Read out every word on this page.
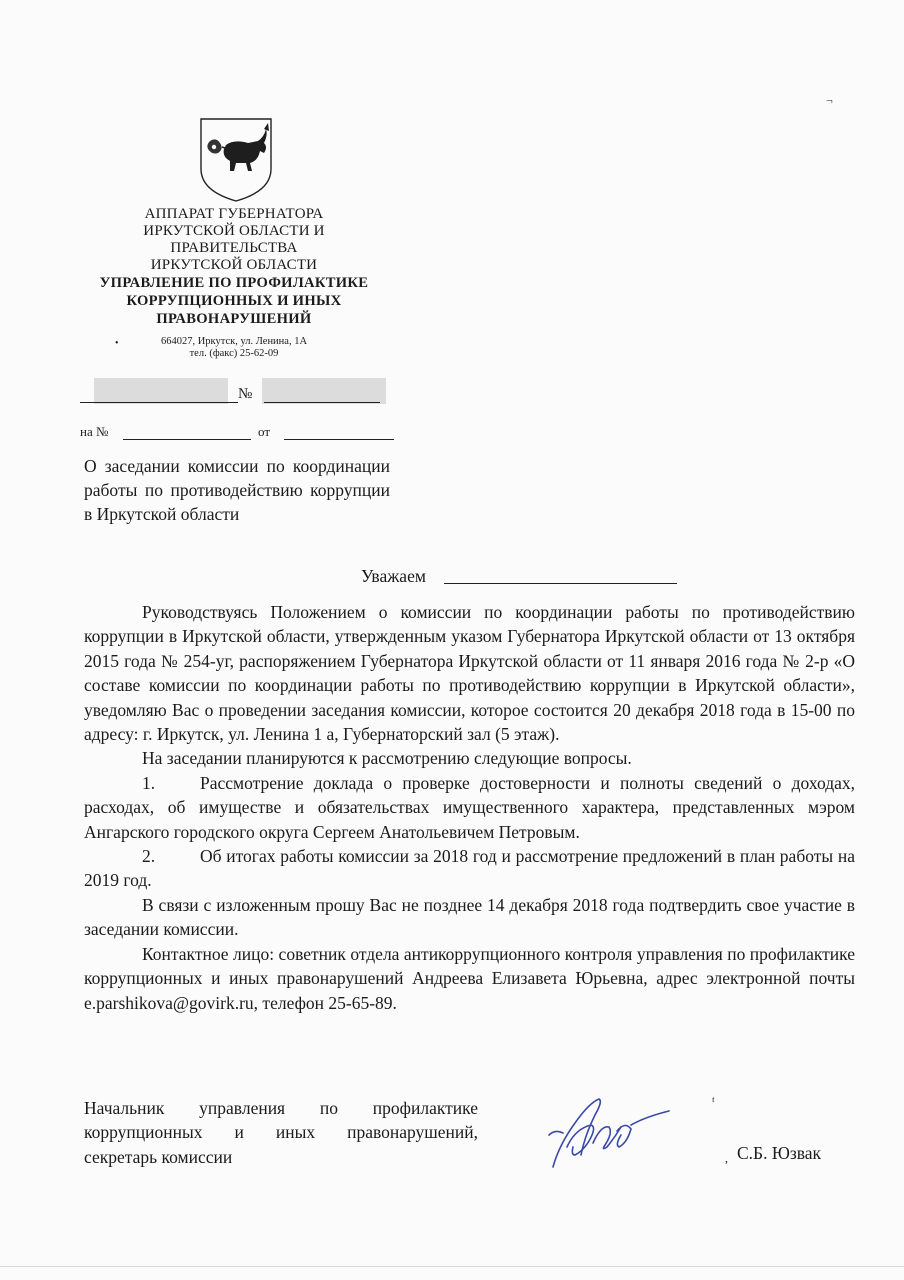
¬
АППАРАТ ГУБЕРНАТОРА
ИРКУТСКОЙ ОБЛАСТИ И
ПРАВИТЕЛЬСТВА
ИРКУТСКОЙ ОБЛАСТИ
УПРАВЛЕНИЕ ПО ПРОФИЛАКТИКЕ
КОРРУПЦИОННЫХ И ИНЫХ
ПРАВОНАРУШЕНИЙ
664027, Иркутск, ул. Ленина, 1А
тел. (факс) 25-62-09
•
№
на №	от
О заседании комиссии по координации работы по противодействию коррупции в Иркутской области
Уважаем

Руководствуясь Положением о комиссии по координации работы по противодействию коррупции в Иркутской области, утвержденным указом Губернатора Иркутской области от 13 октября 2015 года № 254-уг, распоряжением Губернатора Иркутской области от 11 января 2016 года № 2-р «О составе комиссии по координации работы по противодействию коррупции в Иркутской области», уведомляю Вас о проведении заседания комиссии, которое состоится 20 декабря 2018 года в 15-00 по адресу: г. Иркутск, ул. Ленина 1 а, Губернаторский зал (5 этаж).

На заседании планируются к рассмотрению следующие вопросы.

1.	Рассмотрение доклада о проверке достоверности и полноты сведений о доходах, расходах, об имуществе и обязательствах имущественного характера, представленных мэром Ангарского городского округа Сергеем Анатольевичем Петровым.

2.	Об итогах работы комиссии за 2018 год и рассмотрение предложений в план работы на 2019 год.

В связи с изложенным прошу Вас не позднее 14 декабря 2018 года подтвердить свое участие в заседании комиссии.

Контактное лицо: советник отдела антикоррупционного контроля управления по профилактике коррупционных и иных правонарушений Андреева Елизавета Юрьевна, адрес электронной почты e.parshikova@govirk.ru, телефон 25-65-89.

Начальник управления по профилактике
коррупционных и иных правонарушений,
секретарь комиссии
ᵗ
, С.Б. Юзвак
